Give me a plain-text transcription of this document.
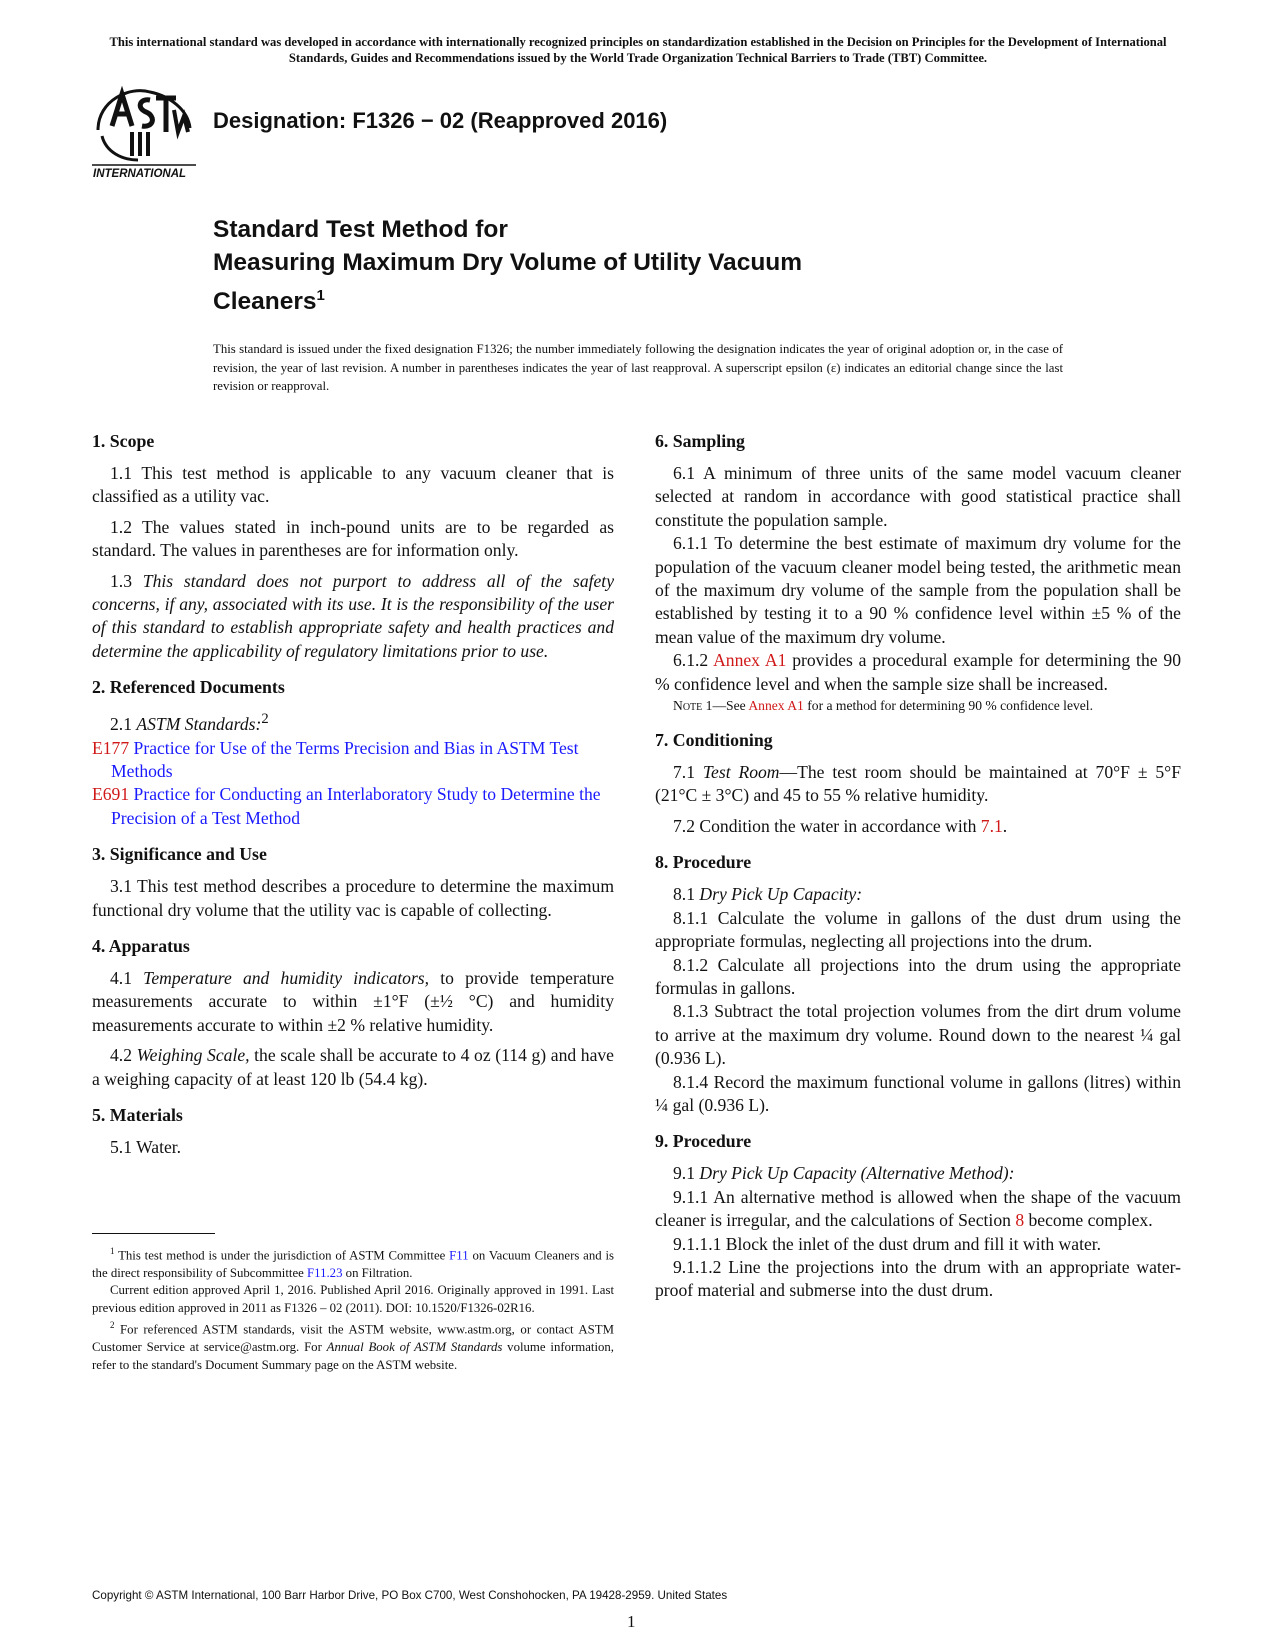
This international standard was developed in accordance with internationally recognized principles on standardization established in the Decision on Principles for the Development of International Standards, Guides and Recommendations issued by the World Trade Organization Technical Barriers to Trade (TBT) Committee.
INTERNATIONAL
Designation: F1326 − 02 (Reapproved 2016)
Standard Test Method for
Measuring Maximum Dry Volume of Utility Vacuum
Cleaners$^1$
This standard is issued under the fixed designation F1326; the number immediately following the designation indicates the year of original adoption or, in the case of revision, the year of last revision. A number in parentheses indicates the year of last reapproval. A superscript epsilon (ε) indicates an editorial change since the last revision or reapproval.
1. Scope

1.1 This test method is applicable to any vacuum cleaner that is classified as a utility vac.

1.2 The values stated in inch-pound units are to be regarded as standard. The values in parentheses are for information only.

1.3 This standard does not purport to address all of the safety concerns, if any, associated with its use. It is the responsibility of the user of this standard to establish appropriate safety and health practices and determine the applicability of regulatory limitations prior to use.

2. Referenced Documents

2.1 ASTM Standards:$^2$

E177 Practice for Use of the Terms Precision and Bias in ASTM Test Methods

E691 Practice for Conducting an Interlaboratory Study to Determine the Precision of a Test Method

3. Significance and Use

3.1 This test method describes a procedure to determine the maximum functional dry volume that the utility vac is capable of collecting.

4. Apparatus

4.1 Temperature and humidity indicators, to provide temperature measurements accurate to within ±1°F (±½ °C) and humidity measurements accurate to within ±2 % relative humidity.

4.2 Weighing Scale, the scale shall be accurate to 4 oz (114 g) and have a weighing capacity of at least 120 lb (54.4 kg).

5. Materials

5.1 Water.

$^1$ This test method is under the jurisdiction of ASTM Committee F11 on Vacuum Cleaners and is the direct responsibility of Subcommittee F11.23 on Filtration.

Current edition approved April 1, 2016. Published April 2016. Originally approved in 1991. Last previous edition approved in 2011 as F1326 – 02 (2011). DOI: 10.1520/F1326-02R16.

$^2$ For referenced ASTM standards, visit the ASTM website, www.astm.org, or contact ASTM Customer Service at service@astm.org. For Annual Book of ASTM Standards volume information, refer to the standard's Document Summary page on the ASTM website.

6. Sampling

6.1 A minimum of three units of the same model vacuum cleaner selected at random in accordance with good statistical practice shall constitute the population sample.

6.1.1 To determine the best estimate of maximum dry volume for the population of the vacuum cleaner model being tested, the arithmetic mean of the maximum dry volume of the sample from the population shall be established by testing it to a 90 % confidence level within ±5 % of the mean value of the maximum dry volume.

6.1.2 Annex A1 provides a procedural example for determining the 90 % confidence level and when the sample size shall be increased.

Note 1—See Annex A1 for a method for determining 90 % confidence level.

7. Conditioning

7.1 Test Room—The test room should be maintained at 70°F ± 5°F (21°C ± 3°C) and 45 to 55 % relative humidity.

7.2 Condition the water in accordance with 7.1.

8. Procedure

8.1 Dry Pick Up Capacity:

8.1.1 Calculate the volume in gallons of the dust drum using the appropriate formulas, neglecting all projections into the drum.

8.1.2 Calculate all projections into the drum using the appropriate formulas in gallons.

8.1.3 Subtract the total projection volumes from the dirt drum volume to arrive at the maximum dry volume. Round down to the nearest ¼ gal (0.936 L).

8.1.4 Record the maximum functional volume in gallons (litres) within ¼ gal (0.936 L).

9. Procedure

9.1 Dry Pick Up Capacity (Alternative Method):

9.1.1 An alternative method is allowed when the shape of the vacuum cleaner is irregular, and the calculations of Section 8 become complex.

9.1.1.1 Block the inlet of the dust drum and fill it with water.

9.1.1.2 Line the projections into the drum with an appropriate water-proof material and submerse into the dust drum.

Copyright © ASTM International, 100 Barr Harbor Drive, PO Box C700, West Conshohocken, PA 19428-2959. United States
1
